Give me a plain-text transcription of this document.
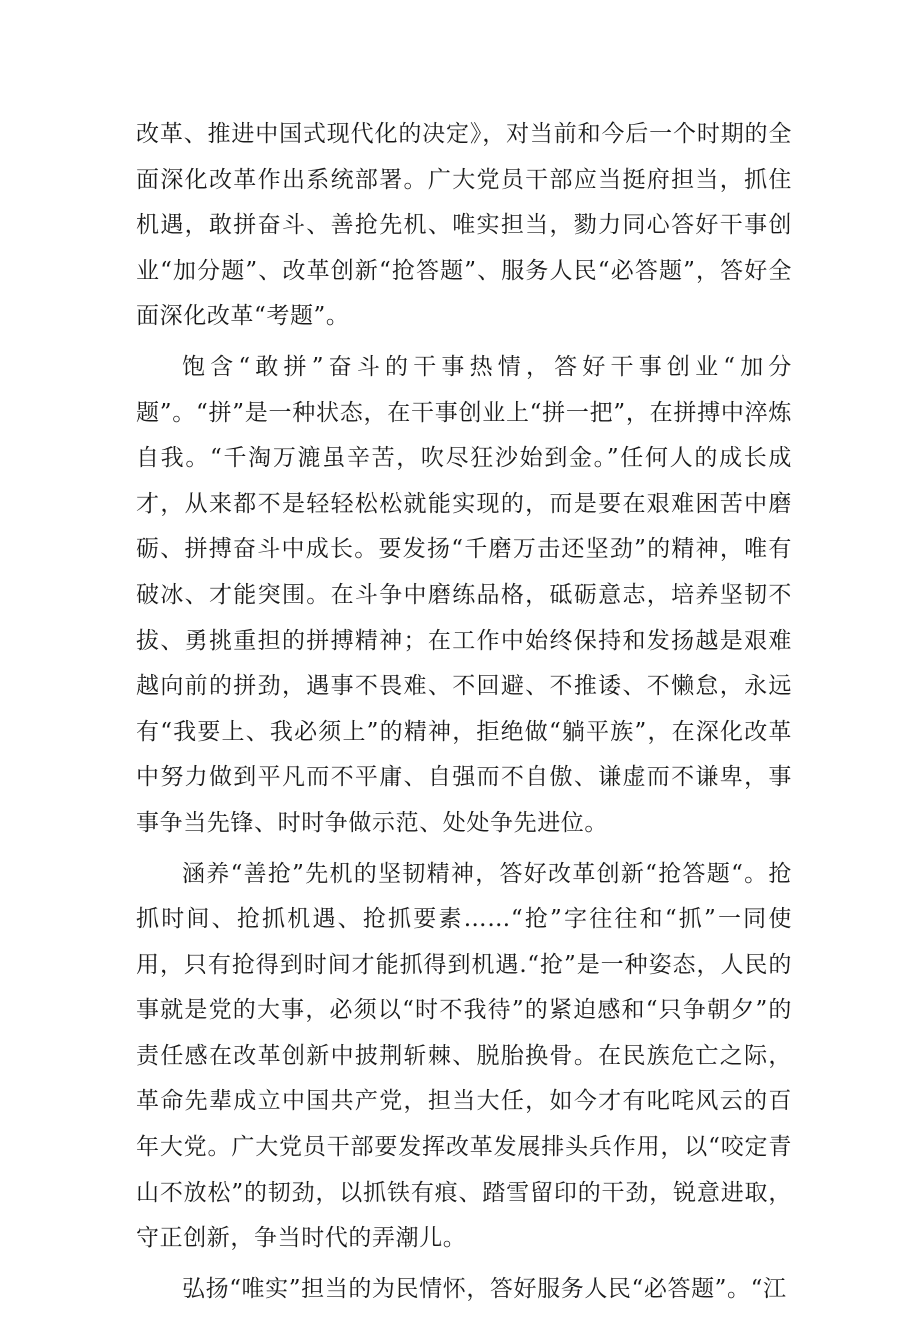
改革、推进中国式现代化的决定》，对当前和今后一个时期的全面深化改革作出系统部署。广大党员干部应当挺府担当，抓住机遇，敢拼奋斗、善抢先机、唯实担当，勠力同心答好干事创业“加分题”、改革创新“抢答题”、服务人民“必答题”，答好全面深化改革“考题”。

饱含“敢拼”奋斗的干事热情，答好干事创业“加分题”。“拼”是一种状态，在干事创业上“拼一把”，在拼搏中淬炼自我。“千淘万漉虽辛苦，吹尽狂沙始到金。”任何人的成长成才，从来都不是轻轻松松就能实现的，而是要在艰难困苦中磨砺、拼搏奋斗中成长。要发扬“千磨万击还坚劲”的精神，唯有破冰、才能突围。在斗争中磨练品格，砥砺意志，培养坚韧不拔、勇挑重担的拼搏精神；在工作中始终保持和发扬越是艰难越向前的拼劲，遇事不畏难、不回避、不推诿、不懒怠，永远有“我要上、我必须上”的精神，拒绝做“躺平族”，在深化改革中努力做到平凡而不平庸、自强而不自傲、谦虚而不谦卑，事事争当先锋、时时争做示范、处处争先进位。

涵养“善抢”先机的坚韧精神，答好改革创新“抢答题“。抢抓时间、抢抓机遇、抢抓要素……“抢”字往往和“抓”一同使用，只有抢得到时间才能抓得到机遇.“抢”是一种姿态，人民的事就是党的大事，必须以“时不我待”的紧迫感和“只争朝夕”的责任感在改革创新中披荆斩棘、脱胎换骨。在民族危亡之际，革命先辈成立中国共产党，担当大任，如今才有叱咤风云的百年大党。广大党员干部要发挥改革发展排头兵作用，以“咬定青山不放松”的韧劲，以抓铁有痕、踏雪留印的干劲，锐意进取，守正创新，争当时代的弄潮儿。

弘扬“唯实”担当的为民情怀，答好服务人民“必答题”。“江
